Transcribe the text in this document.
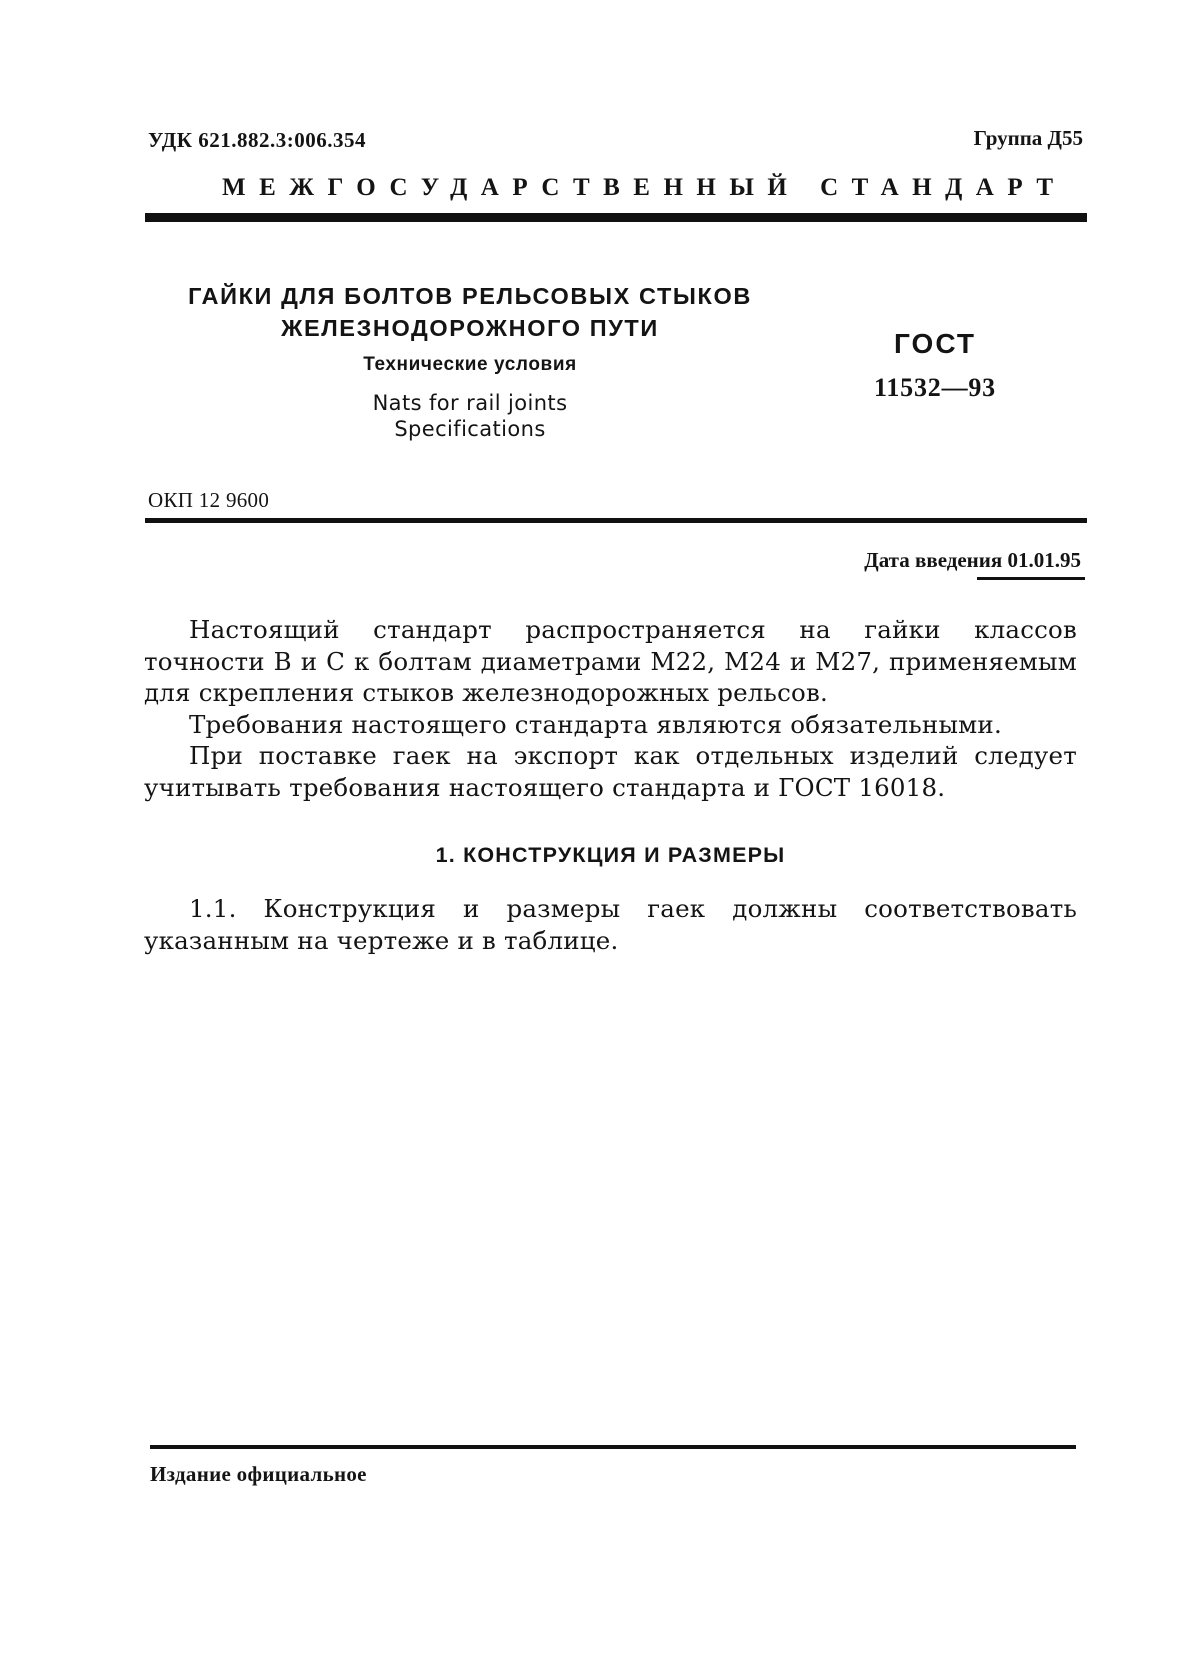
УДК 621.882.3:006.354	Группа Д55
МЕЖГОСУДАРСТВЕННЫЙ СТАНДАРТ
ГАЙКИ ДЛЯ БОЛТОВ РЕЛЬСОВЫХ СТЫКОВ
ЖЕЛЕЗНОДОРОЖНОГО ПУТИ
Технические условия
Nats for rail joints
Specifications
ГОСТ
11532—93
ОКП 12 9600
Дата введения 01.01.95

Настоящий стандарт распространяется на гайки классов точности В и С к болтам диаметрами М22, М24 и М27, применяемым для скрепления стыков железнодорожных рельсов.

Требования настоящего стандарта являются обязательными.

При поставке гаек на экспорт как отдельных изделий следует учитывать требования настоящего стандарта и ГОСТ 16018.

1. КОНСТРУКЦИЯ И РАЗМЕРЫ

1.1. Конструкция и размеры гаек должны соответствовать указанным на чертеже и в таблице.

Издание официальное
